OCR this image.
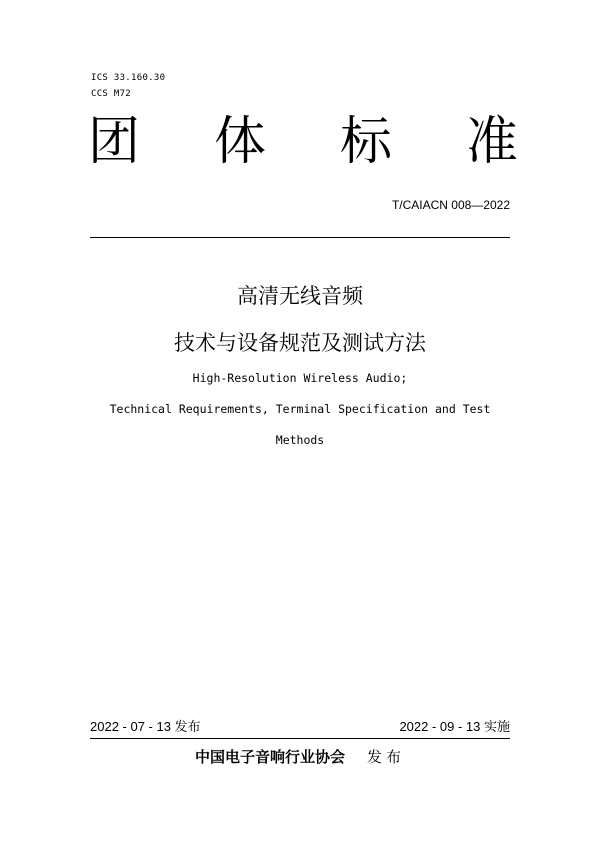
ICS 33.160.30
CCS M72
团 体 标 准
T/CAIACN 008—2022
高清无线音频
技术与设备规范及测试方法
High-Resolution Wireless Audio;
Technical Requirements, Terminal Specification and Test
Methods
2022 - 07 - 13 发布	2022 - 09 - 13 实施
中国电子音响行业协会 发布
